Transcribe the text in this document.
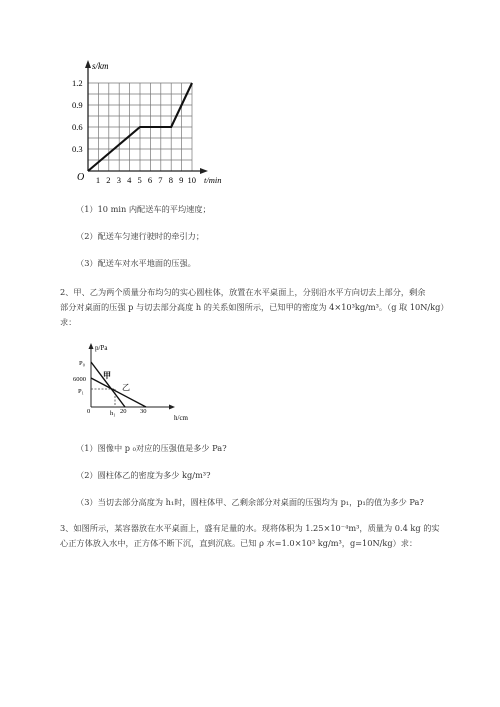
s/km
t/min
O
0.3
0.6
0.9
1.2
1 2 3 4 5 6 7 8 9 10
（1）10 min 内配送车的平均速度；
（2）配送车匀速行驶时的牵引力；
（3）配送车对水平地面的压强。
2、甲、乙为两个质量分布均匀的实心圆柱体，放置在水平桌面上，分别沿水平方向切去上部分，剩余
部分对桌面的压强 p 与切去部分高度 h 的关系如图所示，已知甲的密度为 4×10³kg/m³。（g 取 10N/kg）
求：
p/Pa
h/cm
P₀
6000
P₁
0	h₁ 20 30
甲
乙
（1）图像中 p ₀对应的压强值是多少 Pa?
（2）圆柱体乙的密度为多少 kg/m³?
（3）当切去部分高度为 h₁时，圆柱体甲、乙剩余部分对桌面的压强均为 p₁，p₁的值为多少 Pa?
3、如图所示，某容器放在水平桌面上，盛有足量的水。现将体积为 1.25×10⁻⁴m³，质量为 0.4 kg 的实
心正方体放入水中，正方体不断下沉，直到沉底。已知 ρ 水=1.0×10³ kg/m³，g=10N/kg）求：
